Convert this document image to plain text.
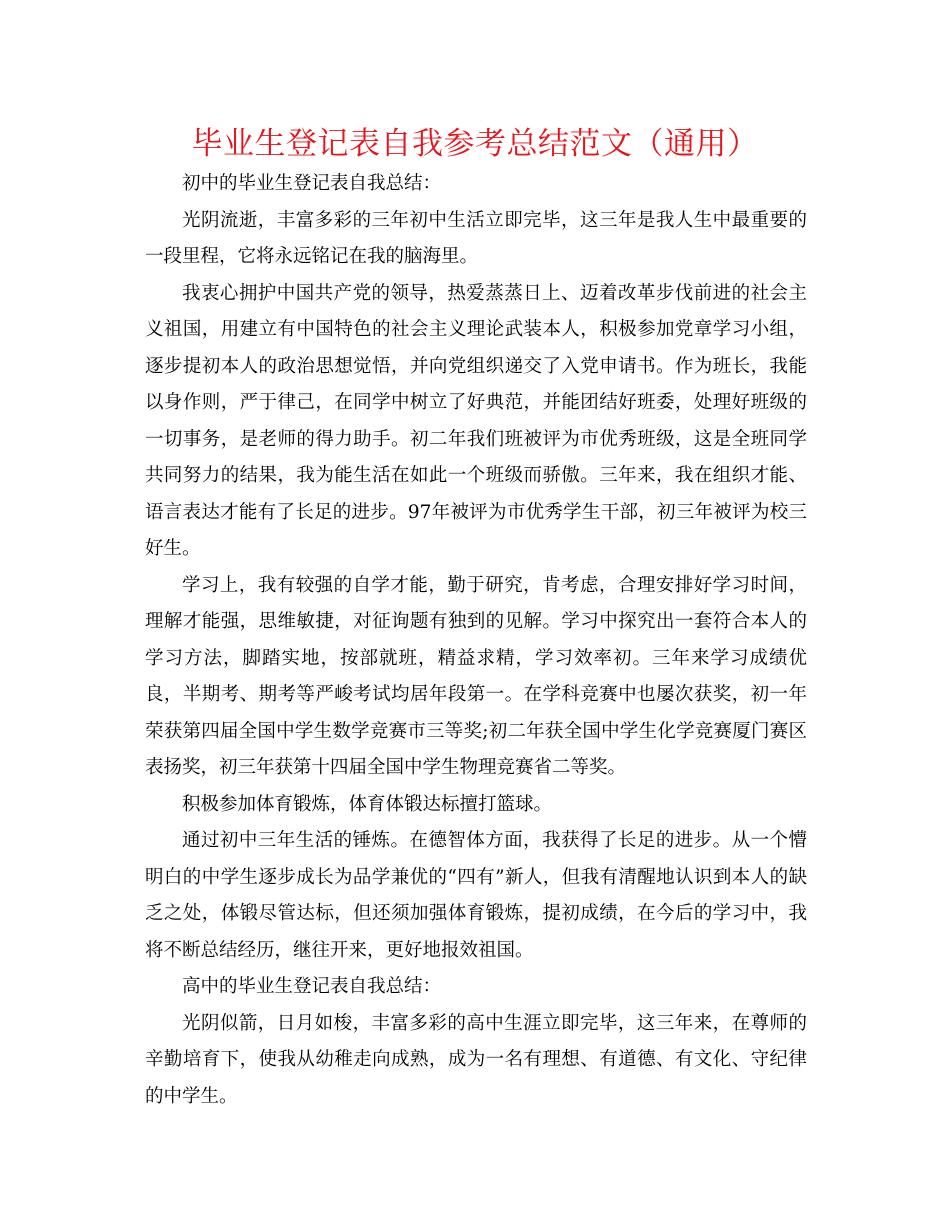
毕业生登记表自我参考总结范文（通用）

初中的毕业生登记表自我总结：

光阴流逝，丰富多彩的三年初中生活立即完毕，这三年是我人生中最重要的一段里程，它将永远铭记在我的脑海里。

我衷心拥护中国共产党的领导，热爱蒸蒸日上、迈着改革步伐前进的社会主义祖国，用建立有中国特色的社会主义理论武装本人，积极参加党章学习小组，逐步提初本人的政治思想觉悟，并向党组织递交了入党申请书。作为班长，我能以身作则，严于律己，在同学中树立了好典范，并能团结好班委，处理好班级的一切事务，是老师的得力助手。初二年我们班被评为市优秀班级，这是全班同学共同努力的结果，我为能生活在如此一个班级而骄傲。三年来，我在组织才能、语言表达才能有了长足的进步。97年被评为市优秀学生干部，初三年被评为校三好生。

学习上，我有较强的自学才能，勤于研究，肯考虑，合理安排好学习时间，理解才能强，思维敏捷，对征询题有独到的见解。学习中探究出一套符合本人的学习方法，脚踏实地，按部就班，精益求精，学习效率初。三年来学习成绩优良，半期考、期考等严峻考试均居年段第一。在学科竞赛中也屡次获奖，初一年荣获第四届全国中学生数学竞赛市三等奖;初二年获全国中学生化学竞赛厦门赛区表扬奖，初三年获第十四届全国中学生物理竞赛省二等奖。

积极参加体育锻炼，体育体锻达标擅打篮球。

通过初中三年生活的锤炼。在德智体方面，我获得了长足的进步。从一个懵明白的中学生逐步成长为品学兼优的“四有”新人，但我有清醒地认识到本人的缺乏之处，体锻尽管达标，但还须加强体育锻炼，提初成绩，在今后的学习中，我将不断总结经历，继往开来，更好地报效祖国。

高中的毕业生登记表自我总结：

光阴似箭，日月如梭，丰富多彩的高中生涯立即完毕，这三年来，在尊师的辛勤培育下，使我从幼稚走向成熟，成为一名有理想、有道德、有文化、守纪律的中学生。
